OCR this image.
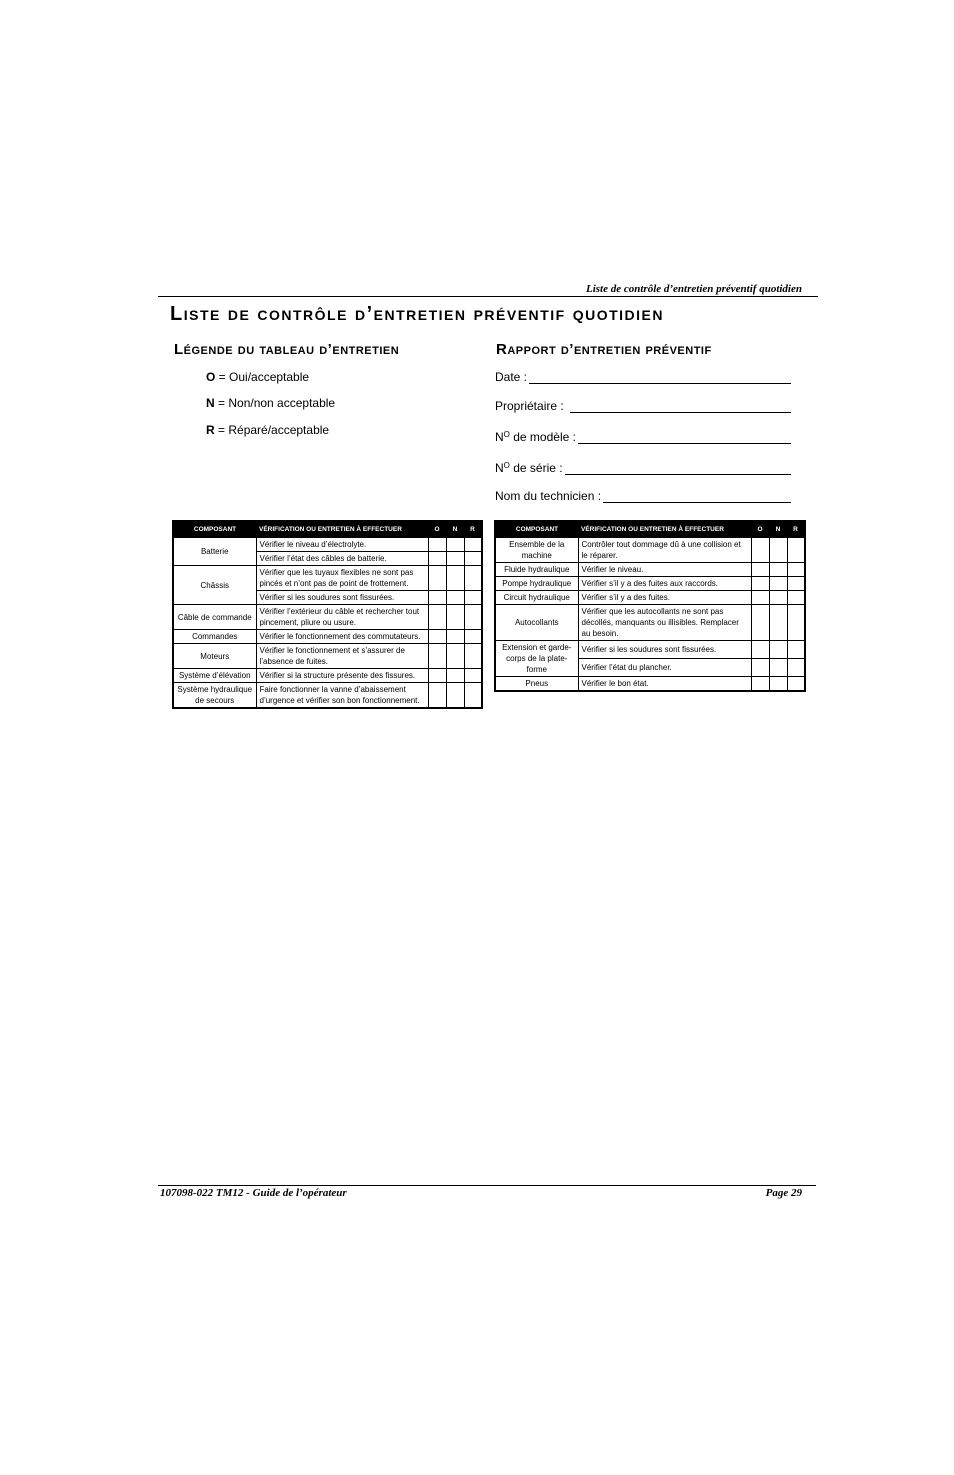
Liste de contrôle d’entretien préventif quotidien
Liste de contrôle d’entretien préventif quotidien
Légende du tableau d’entretien	Rapport d’entretien préventif
O = Oui/acceptable
N = Non/non acceptable
R = Réparé/acceptable
Date :
Propriétaire :
$N^O$ de modèle :
$N^O$ de série :
Nom du technicien :
COMPOSANT	VÉRIFICATION OU ENTRETIEN À EFFECTUER	O	N	R
Batterie	Vérifier le niveau d’électrolyte.			
	Vérifier l’état des câbles de batterie.			
Châssis	Vérifier que les tuyaux flexibles ne sont pas pincés et n’ont pas de point de frottement.			
	Vérifier si les soudures sont fissurées.			
Câble de commande	Vérifier l’extérieur du câble et rechercher tout pincement, pliure ou usure.			
Commandes	Vérifier le fonctionnement des commutateurs.			
Moteurs	Vérifier le fonctionnement et s’assurer de l’absence de fuites.			
Système d’élévation	Vérifier si la structure présente des fissures.			
Système hydraulique de secours	Faire fonctionner la vanne d’abaissement d’urgence et vérifier son bon fonctionnement.			
COMPOSANT	VÉRIFICATION OU ENTRETIEN À EFFECTUER	O	N	R
Ensemble de la machine	Contrôler tout dommage dû à une collision et le réparer.			
Fluide hydraulique	Vérifier le niveau.			
Pompe hydraulique	Vérifier s’il y a des fuites aux raccords.			
Circuit hydraulique	Vérifier s’il y a des fuites.			
Autocollants	Vérifier que les autocollants ne sont pas décollés, manquants ou illisibles. Remplacer au besoin.			
Extension et garde-corps de la plate-forme	Vérifier si les soudures sont fissurées.			
	Vérifier l’état du plancher.			
Pneus	Vérifier le bon état.			
107098-022 TM12 - Guide de l’opérateur	Page 29
